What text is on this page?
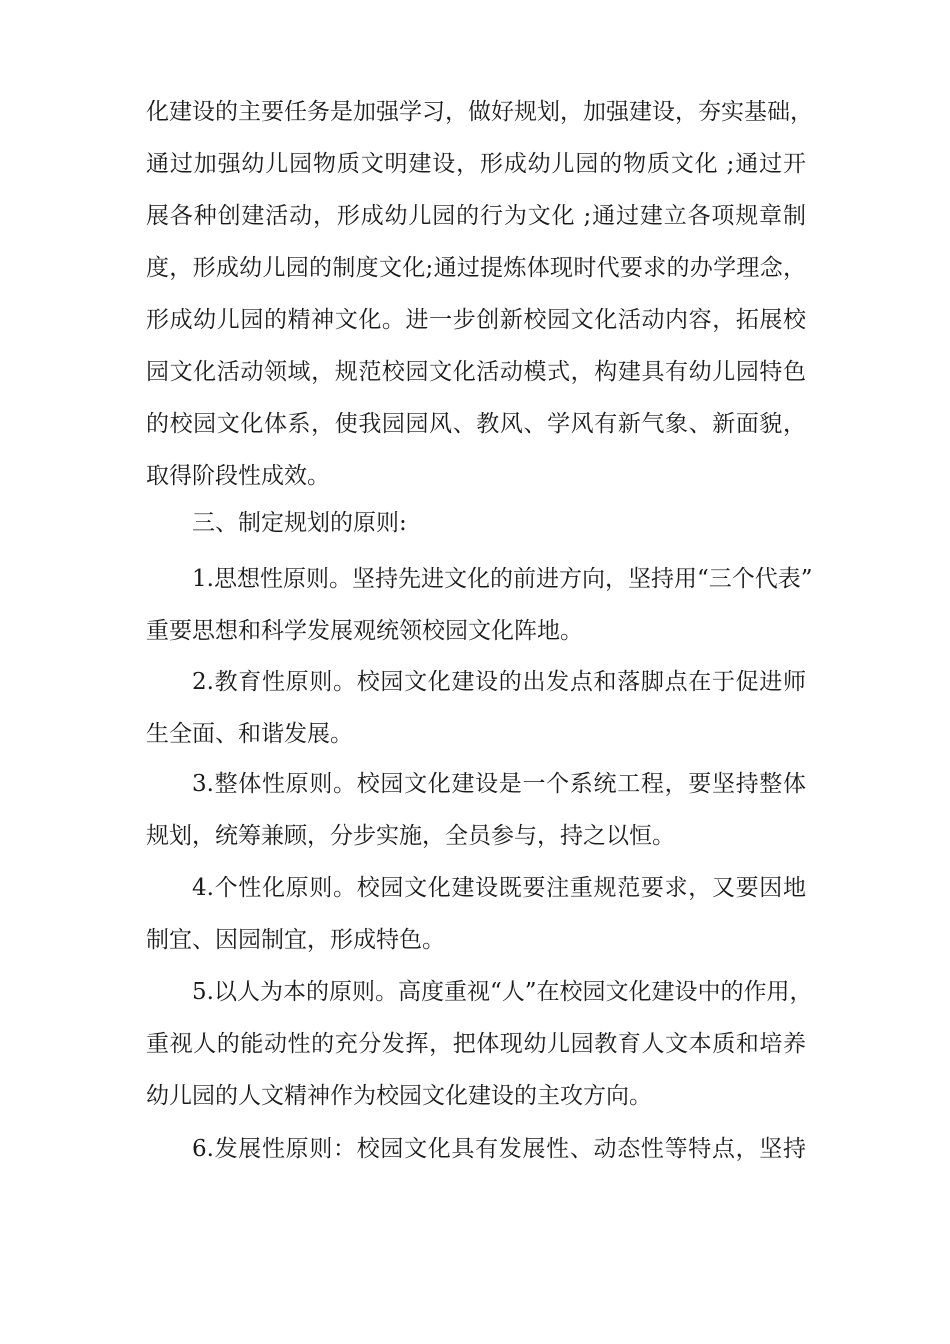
化建设的主要任务是加强学习，做好规划，加强建设，夯实基础，
通过加强幼儿园物质文明建设，形成幼儿园的物质文化 ;通过开
展各种创建活动，形成幼儿园的行为文化 ;通过建立各项规章制
度，形成幼儿园的制度文化;通过提炼体现时代要求的办学理念，
形成幼儿园的精神文化。进一步创新校园文化活动内容，拓展校
园文化活动领域，规范校园文化活动模式，构建具有幼儿园特色
的校园文化体系，使我园园风、教风、学风有新气象、新面貌，
取得阶段性成效。
三、制定规划的原则:
1.思想性原则。坚持先进文化的前进方向，坚持用“三个代表”
重要思想和科学发展观统领校园文化阵地。
2.教育性原则。校园文化建设的出发点和落脚点在于促进师
生全面、和谐发展。
3.整体性原则。校园文化建设是一个系统工程，要坚持整体
规划，统筹兼顾，分步实施，全员参与，持之以恒。
4.个性化原则。校园文化建设既要注重规范要求，又要因地
制宜、因园制宜，形成特色。
5.以人为本的原则。高度重视“人”在校园文化建设中的作用，
重视人的能动性的充分发挥，把体现幼儿园教育人文本质和培养
幼儿园的人文精神作为校园文化建设的主攻方向。
6.发展性原则：校园文化具有发展性、动态性等特点，坚持
